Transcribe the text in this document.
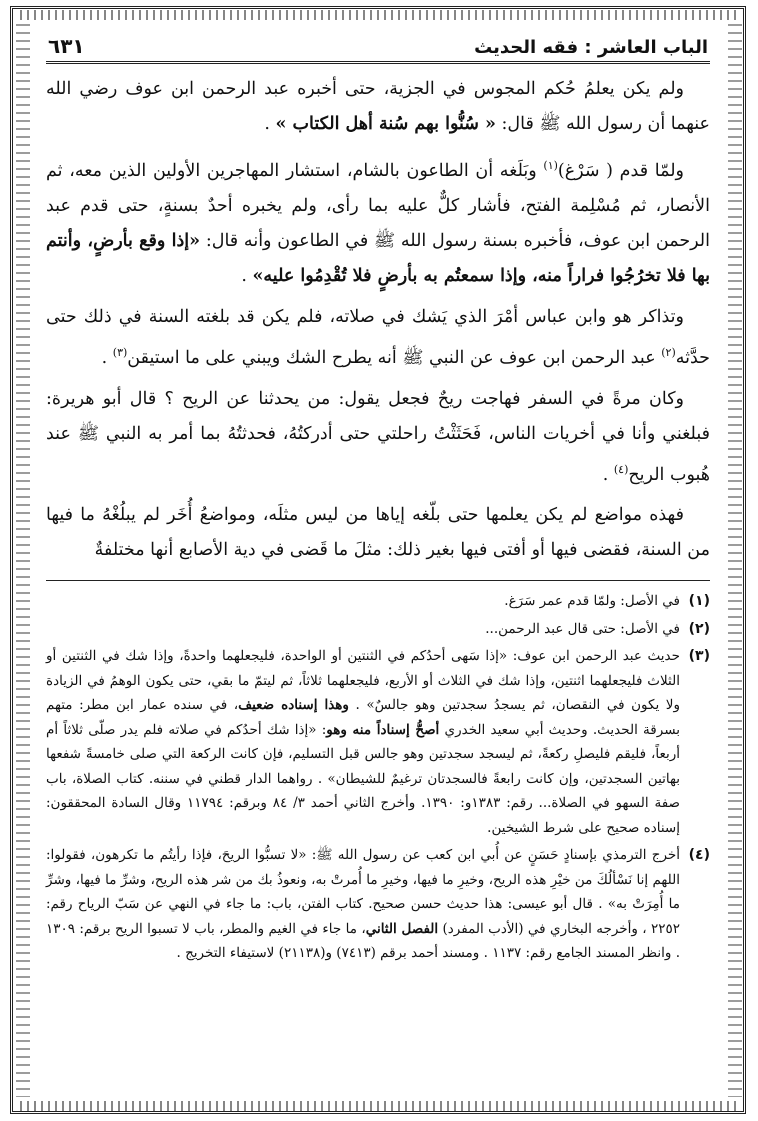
الباب العاشر : فقه الحديث
٦٣١

ولم يكن يعلمُ حُكم المجوس في الجزية، حتى أخبره عبد الرحمن ابن عوف رضي الله عنهما أن رسول الله ﷺ قال: « سُنُّوا بهم سُنة أهل الكتاب » .

ولمّا قدم ( سَرْغ)$^{(١)}$ وبَلَغه أن الطاعون بالشام، استشار المهاجرين الأولين الذين معه، ثم الأنصار، ثم مُسْلِمة الفتح، فأشار كلٌّ عليه بما رأى، ولم يخبره أحدٌ بسنةٍ، حتى قدم عبد الرحمن ابن عوف، فأخبره بسنة رسول الله ﷺ في الطاعون وأنه قال: «إذا وقع بأرضٍ، وأنتم بها فلا تخرُجُوا فراراً منه، وإذا سمعتُم به بأرضٍ فلا تُقْدِمُوا عليه» .

وتذاكر هو وابن عباس أمْرَ الذي يَشك في صلاته، فلم يكن قد بلغته السنة في ذلك حتى حدَّثه$^{(٢)}$ عبد الرحمن ابن عوف عن النبي ﷺ أنه يطرح الشك ويبني على ما استيقن$^{(٣)}$ .

وكان مرةً في السفر فهاجت ريحٌ فجعل يقول: من يحدثنا عن الريح ؟ قال أبو هريرة: فبلغني وأنا في أخريات الناس، فَحَثَثْتُ راحلتي حتى أدركتُهُ، فحدثتُهُ بما أمر به النبي ﷺ عند هُبوب الريح$^{(٤)}$ .

فهذه مواضع لم يكن يعلمها حتى بلّغه إياها من ليس مثلَه، ومواضعُ أُخَر لم يبلُغْهُ ما فيها من السنة، فقضى فيها أو أفتى فيها بغير ذلك: مثلَ ما قَضى في دية الأصابع أنها مختلفةٌ

(١)
في الأصل: ولمّا قدم عمر سَرَغ.
(٢)
في الأصل: حتى قال عبد الرحمن...
(٣)
حديث عبد الرحمن ابن عوف: «إذا سَهى أحدُكم في الثنتين أو الواحدة، فليجعلهما واحدةً، وإذا شك في الثنتين أو الثلاث فليجعلهما اثنتين، وإذا شك في الثلاث أو الأربع، فليجعلهما ثلاثاً، ثم ليتمّ ما بقي، حتى يكون الوهمُ في الزيادة ولا يكون في النقصان، ثم يسجدُ سجدتين وهو جالسٌ» . وهذا إسناده ضعيف، في سنده عمار ابن مطر: متهم بسرقة الحديث. وحديث أبي سعيد الخدري أصحُّ إسناداً منه وهو: «إذا شك أحدُكم في صلاته فلم يدر صلّى ثلاثاً أم أربعاً، فليقم فليصلِ ركعةً، ثم ليسجد سجدتين وهو جالس قبل التسليم، فإن كانت الركعة التي صلى خامسةً شفعها بهاتين السجدتين، وإن كانت رابعةً فالسجدتان ترغيمٌ للشيطان» . رواهما الدار قطني في سننه. كتاب الصلاة، باب صفة السهو في الصلاة... رقم: ١٣٨٣و: ١٣٩٠. وأخرج الثاني أحمد ٣/ ٨٤ وبرقم: ١١٧٩٤ وقال السادة المحققون: إسناده صحيح على شرط الشيخين.
(٤)
أخرج الترمذي بإسنادٍ حَسَنٍ عن أُبي ابن كعب عن رسول الله ﷺ: «لا تسبُّوا الريحَ، فإذا رأيتُم ما تكرهون، فقولوا: اللهم إنا نَسْألُكَ من خيْرِ هذه الريح، وخيرِ ما فيها، وخيرِ ما أُمرتْ به، ونعوذُ بك من شر هذه الريح، وشرِّ ما فيها، وشرِّ ما أُمِرَتْ به» . قال أبو عيسى: هذا حديث حسن صحيح. كتاب الفتن، باب: ما جاء في النهي عن سَبّ الرياح رقم: ٢٢٥٢ ، وأخرجه البخاري في (الأدب المفرد) الفصل الثاني، ما جاء في الغيم والمطر، باب لا تسبوا الريح برقم: ١٣٠٩ . وانظر المسند الجامع رقم: ١١٣٧ . ومسند أحمد برقم (٧٤١٣) و(٢١١٣٨) لاستيفاء التخريج .
